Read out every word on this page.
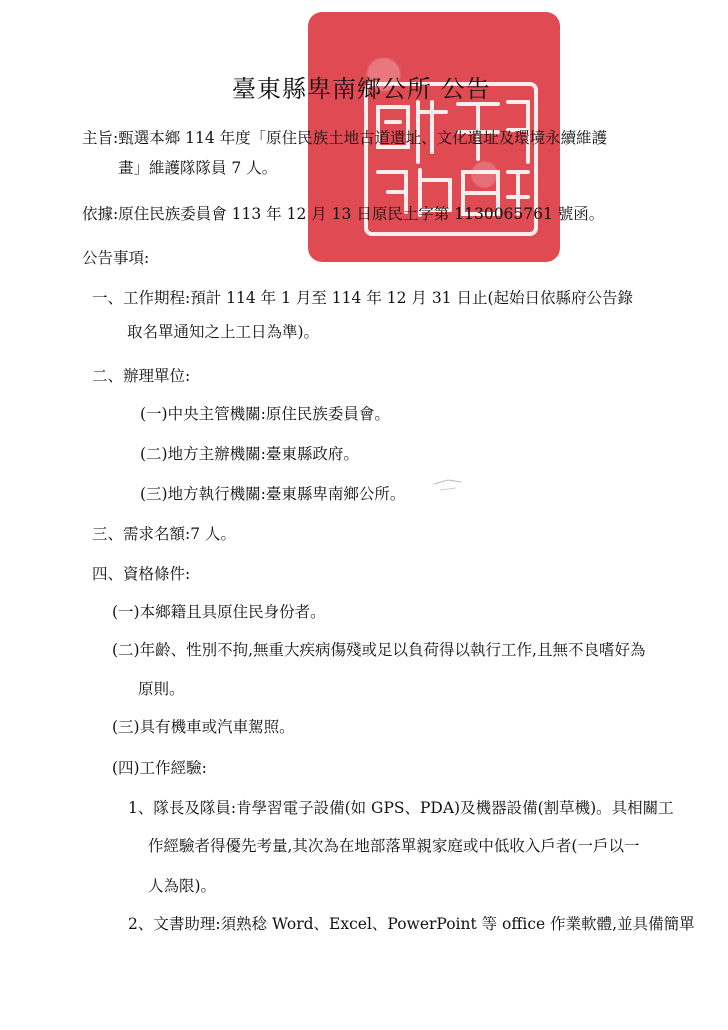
臺東縣卑南鄉公所 公告
主旨:甄選本鄉 114 年度「原住民族土地古道遺址、文化遺址及環境永續維護
畫」維護隊隊員 7 人。
依據:原住民族委員會 113 年 12 月 13 日原民土字第 1130065761 號函。
公告事項:
一、工作期程:預計 114 年 1 月至 114 年 12 月 31 日止(起始日依縣府公告錄
取名單通知之上工日為準)。
二、辦理單位:
(一)中央主管機關:原住民族委員會。
(二)地方主辦機關:臺東縣政府。
(三)地方執行機關:臺東縣卑南鄉公所。
三、需求名額:7 人。
四、資格條件:
(一)本鄉籍且具原住民身份者。
(二)年齡、性別不拘,無重大疾病傷殘或足以負荷得以執行工作,且無不良嗜好為
原則。
(三)具有機車或汽車駕照。
(四)工作經驗:
1、隊長及隊員:肯學習電子設備(如 GPS、PDA)及機器設備(割草機)。具相關工
作經驗者得優先考量,其次為在地部落單親家庭或中低收入戶者(一戶以一
人為限)。
2、文書助理:須熟稔 Word、Excel、PowerPoint 等 office 作業軟體,並具備簡單
